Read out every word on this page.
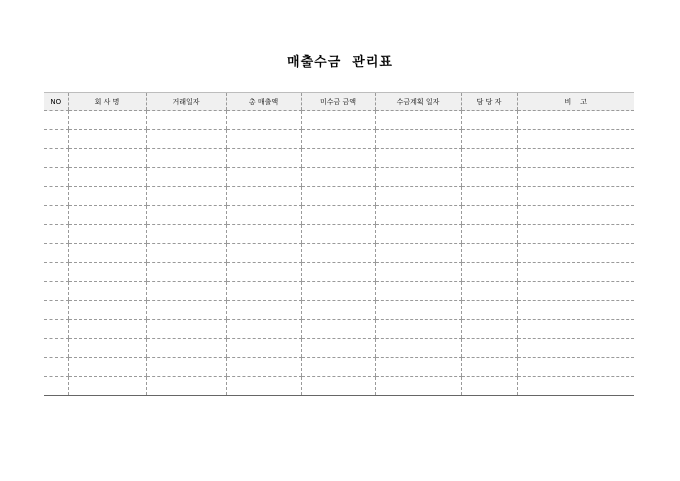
매출수금  관리표
NO	회 사 명	거래일자	총 매출액	미수금 금액	수금계획 일자	담 당 자	비    고
